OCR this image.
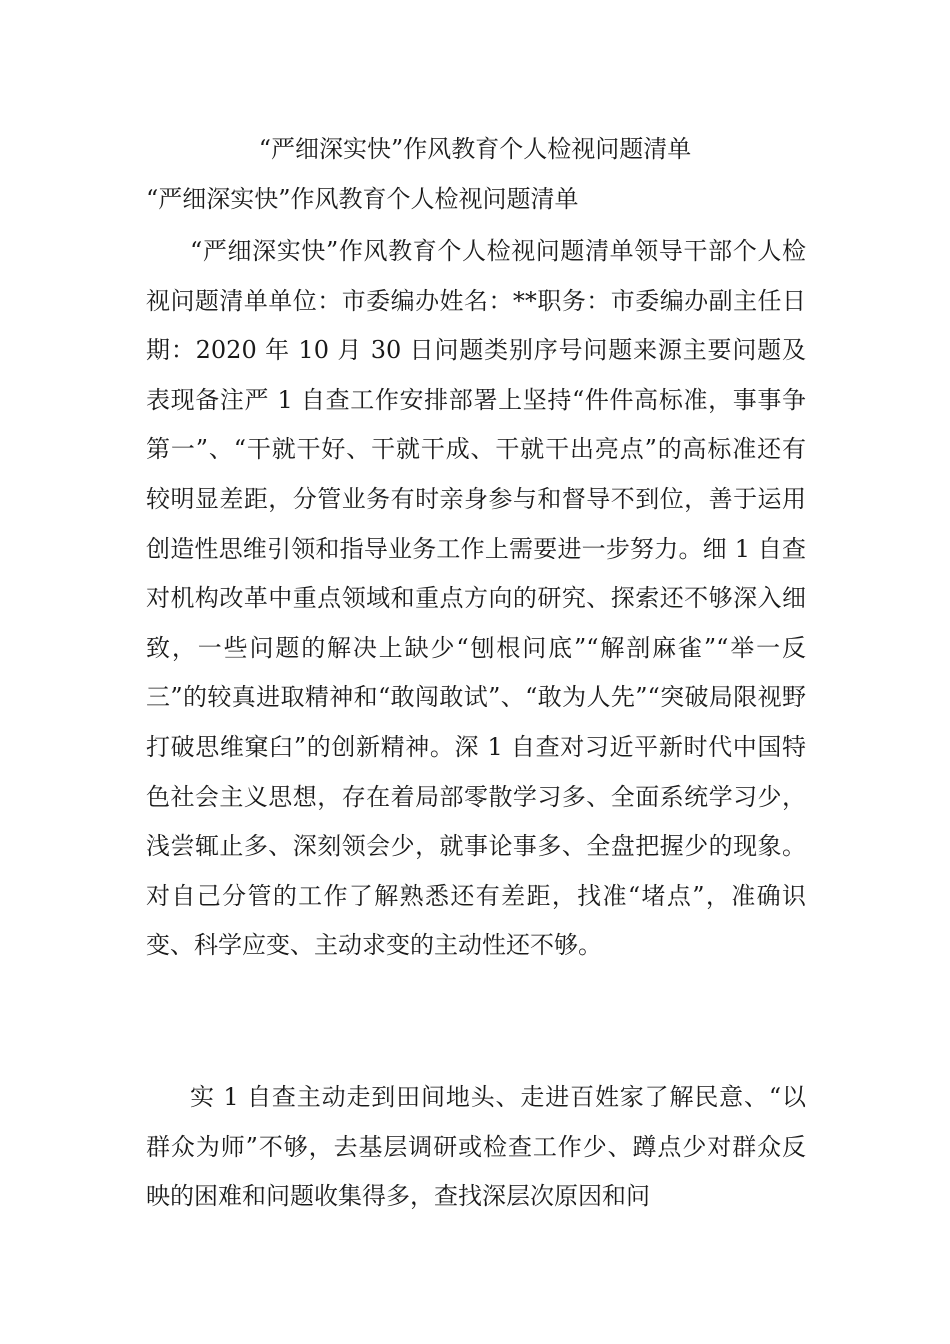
“严细深实快”作风教育个人检视问题清单
“严细深实快”作风教育个人检视问题清单

“严细深实快”作风教育个人检视问题清单领导干部个人检视问题清单单位：市委编办姓名：**职务：市委编办副主任日期：2020 年 10 月 30 日问题类别序号问题来源主要问题及表现备注严 1 自查工作安排部署上坚持“件件高标准，事事争第一”、“干就干好、干就干成、干就干出亮点”的高标准还有较明显差距，分管业务有时亲身参与和督导不到位，善于运用创造性思维引领和指导业务工作上需要进一步努力。细 1 自查对机构改革中重点领域和重点方向的研究、探索还不够深入细致，一些问题的解决上缺少“刨根问底”“解剖麻雀”“举一反三”的较真进取精神和“敢闯敢试”、“敢为人先”“突破局限视野打破思维窠臼”的创新精神。深 1 自查对习近平新时代中国特色社会主义思想，存在着局部零散学习多、全面系统学习少，浅尝辄止多、深刻领会少，就事论事多、全盘把握少的现象。对自己分管的工作了解熟悉还有差距，找准“堵点”，准确识变、科学应变、主动求变的主动性还不够。

实 1 自查主动走到田间地头、走进百姓家了解民意、“以群众为师”不够，去基层调研或检查工作少、蹲点少对群众反映的困难和问题收集得多，查找深层次原因和问
